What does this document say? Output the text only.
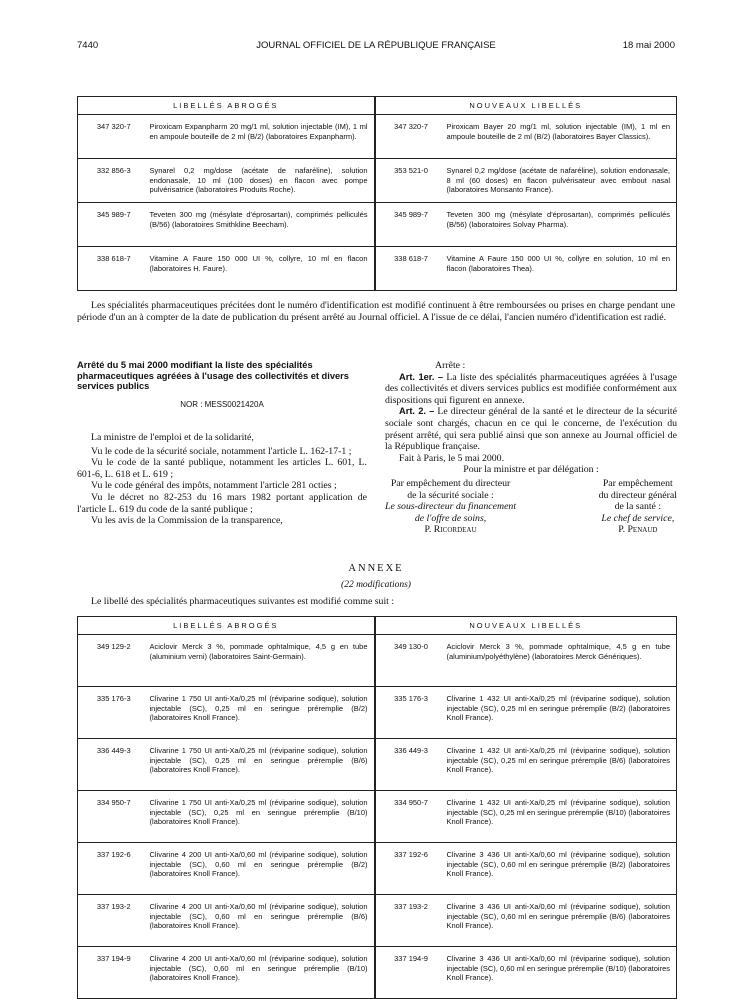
7440	JOURNAL OFFICIEL DE LA RÉPUBLIQUE FRANÇAISE	18 mai 2000
LIBELLÉS ABROGÉS		NOUVEAUX LIBELLÉS	
347 320-7	Piroxicam Expanpharm 20 mg/1 ml, solution injectable (IM), 1 ml en ampoule bouteille de 2 ml (B/2) (laboratoires Expanpharm).	347 320-7	Piroxicam Bayer 20 mg/1 ml, solution injectable (IM), 1 ml en ampoule bouteille de 2 ml (B/2) (laboratoires Bayer Classics).
332 856-3	Synarel 0,2 mg/dose (acétate de nafaréline), solution endonasale, 10 ml (100 doses) en flacon avec pompe pulvérisatrice (laboratoires Produits Roche).	353 521-0	Synarel 0,2 mg/dose (acétate de nafaréline), solution endonasale, 8 ml (60 doses) en flacon pulvérisateur avec embout nasal (laboratoires Monsanto France).
345 989-7	Teveten 300 mg (mésylate d'éprosartan), comprimés pelliculés (B/56) (laboratoires Smithkline Beecham).	345 989-7	Teveten 300 mg (mésylate d'éprosartan), comprimés pelliculés (B/56) (laboratoires Solvay Pharma).
338 618-7	Vitamine A Faure 150 000 UI %, collyre, 10 ml en flacon (laboratoires H. Faure).	338 618-7	Vitamine A Faure 150 000 UI %, collyre en solution, 10 ml en flacon (laboratoires Thea).
Les spécialités pharmaceutiques précitées dont le numéro d'identification est modifié continuent à être remboursées ou prises en charge pendant une période d'un an à compter de la date de publication du présent arrêté au Journal officiel. A l'issue de ce délai, l'ancien numéro d'identification est radié.

Arrêté du 5 mai 2000 modifiant la liste des spécialités pharmaceutiques agréées à l'usage des collectivités et divers services publics

NOR : MESS0021420A

La ministre de l'emploi et de la solidarité,

Vu le code de la sécurité sociale, notamment l'article L. 162-17-1 ;

Vu le code de la santé publique, notamment les articles L. 601, L. 601-6, L. 618 et L. 619 ;

Vu le code général des impôts, notamment l'article 281 octies ;

Vu le décret no 82-253 du 16 mars 1982 portant application de l'article L. 619 du code de la santé publique ;

Vu les avis de la Commission de la transparence,

Arrête :

Art. 1er. – La liste des spécialités pharmaceutiques agréées à l'usage des collectivités et divers services publics est modifiée conformément aux dispositions qui figurent en annexe.

Art. 2. – Le directeur général de la santé et le directeur de la sécurité sociale sont chargés, chacun en ce qui le concerne, de l'exécution du présent arrêté, qui sera publié ainsi que son annexe au Journal officiel de la République française.

Fait à Paris, le 5 mai 2000.

Pour la ministre et par délégation :

Par empêchement du directeur
de la sécurité sociale :
Le sous-directeur du financement
de l'offre de soins,
P. Ricordeau
Par empêchement
du directeur général
de la santé :
Le chef de service,
P. Penaud
ANNEXE
(22 modifications)
Le libellé des spécialités pharmaceutiques suivantes est modifié comme suit :
LIBELLÉS ABROGÉS		NOUVEAUX LIBELLÉS	
349 129-2	Aciclovir Merck 3 %, pommade ophtalmique, 4,5 g en tube (aluminium verni) (laboratoires Saint-Germain).	349 130-0	Aciclovir Merck 3 %, pommade ophtalmique, 4,5 g en tube (aluminium/polyéthylène) (laboratoires Merck Génériques).
335 176-3	Clivarine 1 750 UI anti-Xa/0,25 ml (réviparine sodique), solution injectable (SC), 0,25 ml en seringue préremplie (B/2) (laboratoires Knoll France).	335 176-3	Clivarine 1 432 UI anti-Xa/0,25 ml (réviparine sodique), solution injectable (SC), 0,25 ml en seringue préremplie (B/2) (laboratoires Knoll France).
336 449-3	Clivarine 1 750 UI anti-Xa/0,25 ml (réviparine sodique), solution injectable (SC), 0,25 ml en seringue préremplie (B/6) (laboratoires Knoll France).	336 449-3	Clivarine 1 432 UI anti-Xa/0,25 ml (réviparine sodique), solution injectable (SC), 0,25 ml en seringue préremplie (B/6) (laboratoires Knoll France).
334 950-7	Clivarine 1 750 UI anti-Xa/0,25 ml (réviparine sodique), solution injectable (SC), 0,25 ml en seringue préremplie (B/10) (laboratoires Knoll France).	334 950-7	Clivarine 1 432 UI anti-Xa/0,25 ml (réviparine sodique), solution injectable (SC), 0,25 ml en seringue préremplie (B/10) (laboratoires Knoll France).
337 192-6	Clivarine 4 200 UI anti-Xa/0,60 ml (réviparine sodique), solution injectable (SC), 0,60 ml en seringue préremplie (B/2) (laboratoires Knoll France).	337 192-6	Clivarine 3 436 UI anti-Xa/0,60 ml (réviparine sodique), solution injectable (SC), 0,60 ml en seringue préremplie (B/2) (laboratoires Knoll France).
337 193-2	Clivarine 4 200 UI anti-Xa/0,60 ml (réviparine sodique), solution injectable (SC), 0,60 ml en seringue préremplie (B/6) (laboratoires Knoll France).	337 193-2	Clivarine 3 436 UI anti-Xa/0,60 ml (réviparine sodique), solution injectable (SC), 0,60 ml en seringue préremplie (B/6) (laboratoires Knoll France).
337 194-9	Clivarine 4 200 UI anti-Xa/0,60 ml (réviparine sodique), solution injectable (SC), 0,60 ml en seringue préremplie (B/10) (laboratoires Knoll France).	337 194-9	Clivarine 3 436 UI anti-Xa/0,60 ml (réviparine sodique), solution injectable (SC), 0,60 ml en seringue préremplie (B/10) (laboratoires Knoll France).
